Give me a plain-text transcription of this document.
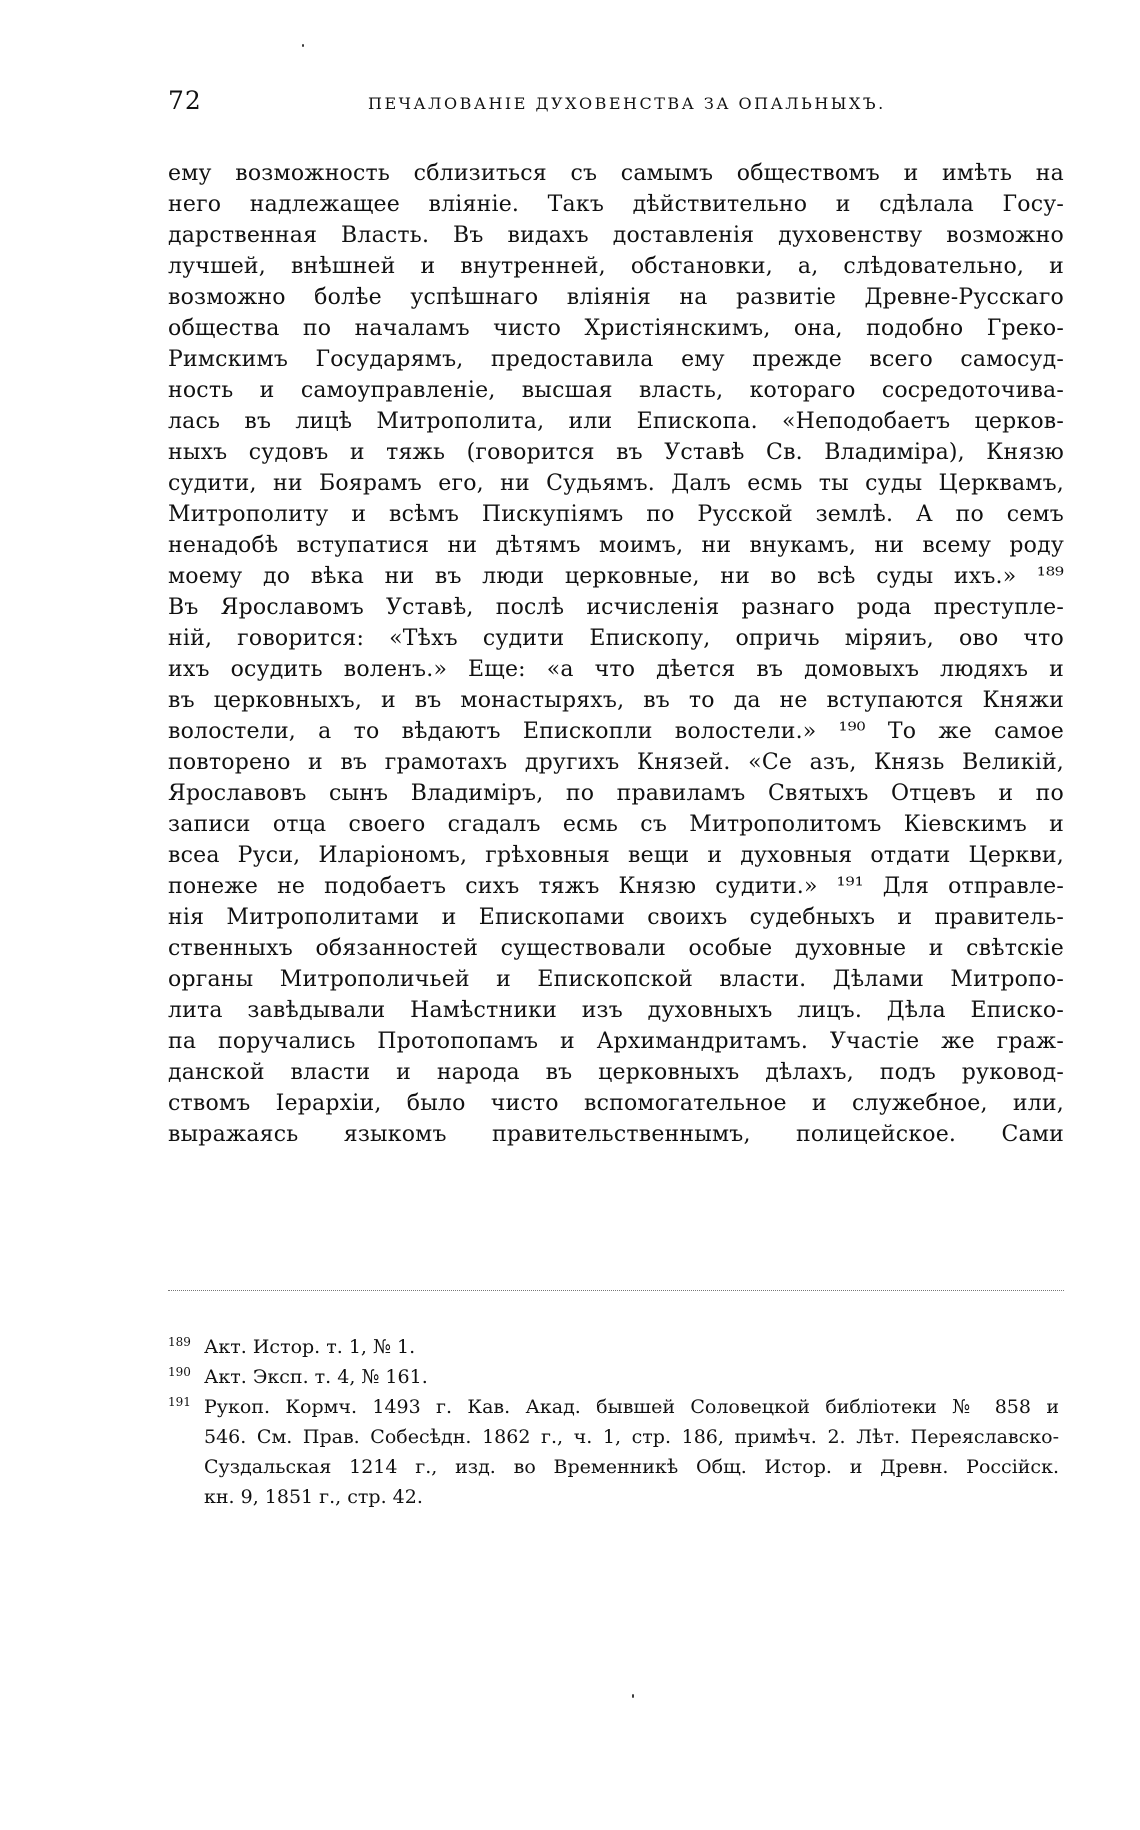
72	ПЕЧАЛОВАНІЕ ДУХОВЕНСТВА ЗА ОПАЛЬНЫХЪ.
ему возможность сблизиться съ самымъ обществомъ и имѣть на
него надлежащее вліяніе. Такъ дѣйствительно и сдѣлала Госу-
дарственная Власть. Въ видахъ доставленія духовенству возможно
лучшей, внѣшней и внутренней, обстановки, а, слѣдовательно, и
возможно болѣе успѣшнаго вліянія на развитіе Древне-Русскаго
общества по началамъ чисто Христіянскимъ, она, подобно Греко-
Римскимъ Государямъ, предоставила ему прежде всего самосуд-
ность и самоуправленіе, высшая власть, котораго сосредоточива-
лась въ лицѣ Митрополита, или Епископа. «Неподобаетъ церков-
ныхъ судовъ и тяжь (говорится въ Уставѣ Св. Владиміра), Князю
судити, ни Боярамъ его, ни Судьямъ. Далъ есмь ты суды Церквамъ,
Митрополиту и всѣмъ Пискупіямъ по Русской землѣ. А по семъ
ненадобѣ вступатися ни дѣтямъ моимъ, ни внукамъ, ни всему роду
моему до вѣка ни въ люди церковные, ни во всѣ суды ихъ.» ¹⁸⁹
Въ Ярославомъ Уставѣ, послѣ исчисленія разнаго рода преступле-
ній, говорится: «Тѣхъ судити Епископу, опричь міряиъ, ово что
ихъ осудить воленъ.» Еще: «а что дѣется въ домовыхъ людяхъ и
въ церковныхъ, и въ монастыряхъ, въ то да не вступаются Княжи
волостели, а то вѣдаютъ Епископли волостели.» ¹⁹⁰ То же самое
повторено и въ грамотахъ другихъ Князей. «Се азъ, Князь Великій,
Ярославовъ сынъ Владиміръ, по правиламъ Святыхъ Отцевъ и по
записи отца своего сгадалъ есмь съ Митрополитомъ Кіевскимъ и
всеа Руси, Иларіономъ, грѣховныя вещи и духовныя отдати Церкви,
понеже не подобаетъ сихъ тяжъ Князю судити.» ¹⁹¹ Для отправле-
нія Митрополитами и Епископами своихъ судебныхъ и правитель-
ственныхъ обязанностей существовали особые духовные и свѣтскіе
органы Митрополичьей и Епископской власти. Дѣлами Митропо-
лита завѣдывали Намѣстники изъ духовныхъ лицъ. Дѣла Еписко-
па поручались Протопопамъ и Архимандритамъ. Участіе же граж-
данской власти и народа въ церковныхъ дѣлахъ, подъ руковод-
ствомъ Іерархіи, было чисто вспомогательное и служебное, или,
выражаясь языкомъ правительственнымъ, полицейское. Сами
189 Акт. Истор. т. 1, № 1.
190 Акт. Эксп. т. 4, № 161.
191 Рукоп. Кормч. 1493 г. Кав. Акад. бывшей Соловецкой библіотеки № 858 и
546. См. Прав. Собесѣдн. 1862 г., ч. 1, стр. 186, примѣч. 2. Лѣт. Переяславско-
Суздальская 1214 г., изд. во Временникѣ Общ. Истор. и Древн. Россійск.
кн. 9, 1851 г., стр. 42.
